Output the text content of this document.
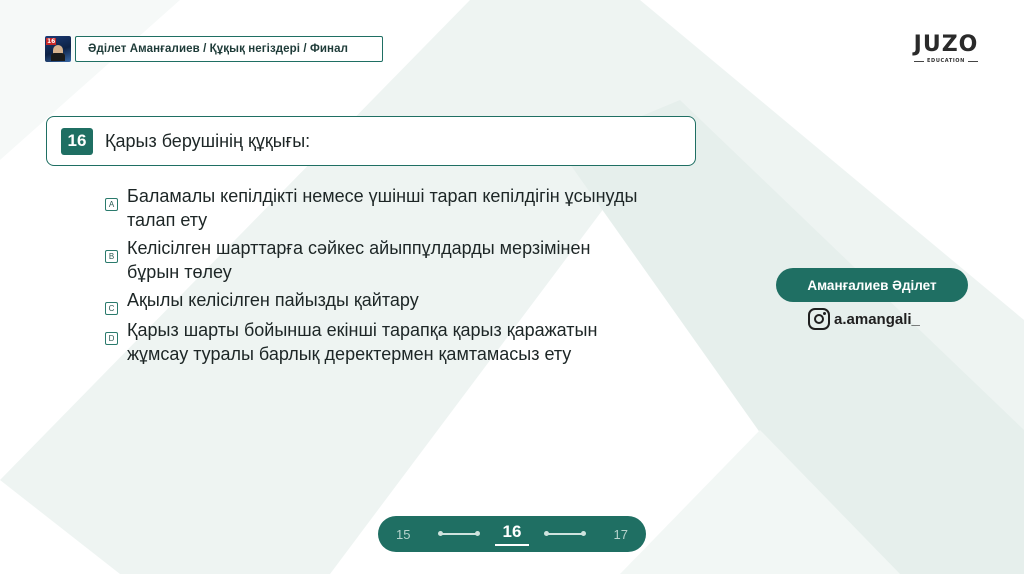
16
Әділет Аманғалиев / Құқық негіздері / Финал	JUZO
EDUCATION
16	Қарыз берушінің құқығы:
A Баламалы кепілдікті немесе үшінші тарап кепілдігін ұсынуды
талап ету
B Келісілген шарттарға сәйкес айыппұлдарды мерзімінен
бұрын төлеу
C Ақылы келісілген пайызды қайтару
D Қарыз шарты бойынша екінші тарапқа қарыз қаражатын
жұмсау туралы барлық деректермен қамтамасыз ету
Аманғалиев Әділет
a.amangali_
15	16	17
